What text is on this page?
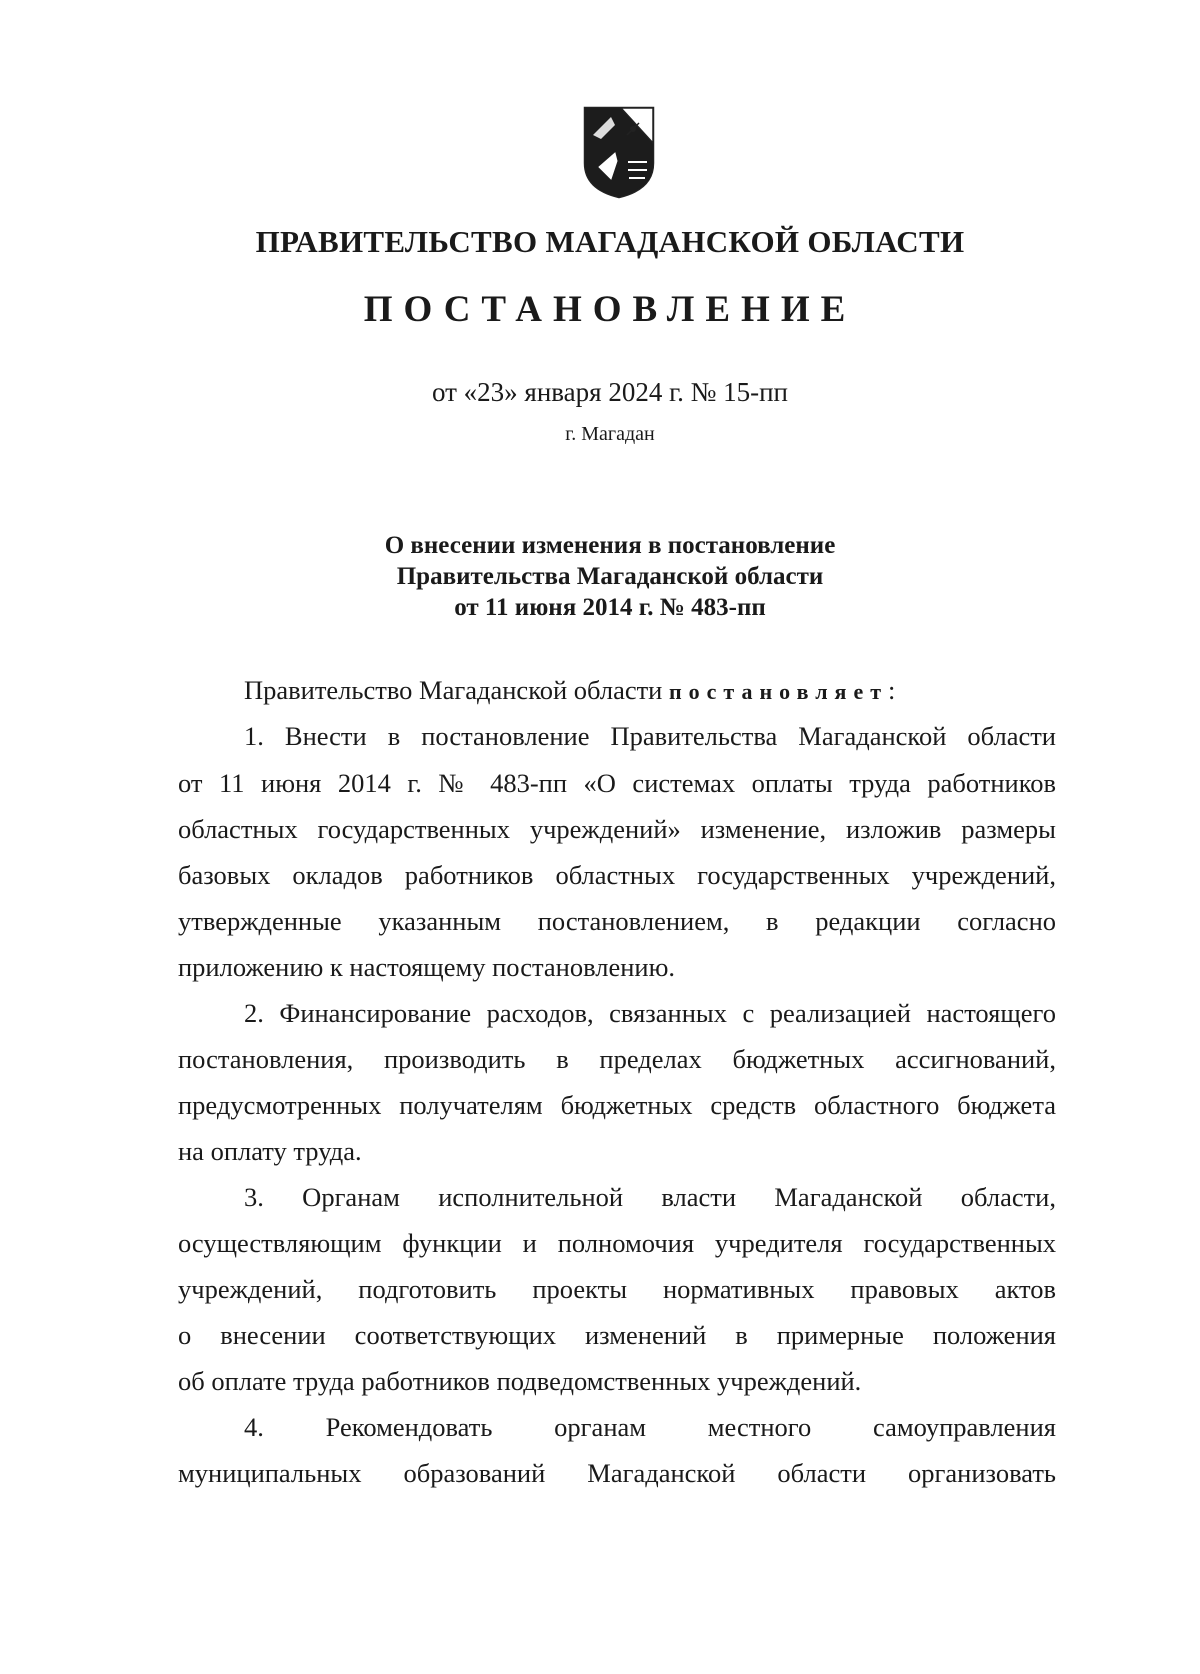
ПРАВИТЕЛЬСТВО МАГАДАНСКОЙ ОБЛАСТИ
ПОСТАНОВЛЕНИЕ
от «23» января 2024 г. № 15-пп
г. Магадан
О внесении изменения в постановление
Правительства Магаданской области
от 11 июня 2014 г. № 483-пп
Правительство Магаданской области постановляет:
1. Внести в постановление Правительства Магаданской области
от 11 июня 2014 г. № 483-пп «О системах оплаты труда работников
областных государственных учреждений» изменение, изложив размеры
базовых окладов работников областных государственных учреждений,
утвержденные указанным постановлением, в редакции согласно
приложению к настоящему постановлению.
2. Финансирование расходов, связанных с реализацией настоящего
постановления, производить в пределах бюджетных ассигнований,
предусмотренных получателям бюджетных средств областного бюджета
на оплату труда.
3. Органам исполнительной власти Магаданской области,
осуществляющим функции и полномочия учредителя государственных
учреждений, подготовить проекты нормативных правовых актов
о внесении соответствующих изменений в примерные положения
об оплате труда работников подведомственных учреждений.
4. Рекомендовать органам местного самоуправления
муниципальных образований Магаданской области организовать
